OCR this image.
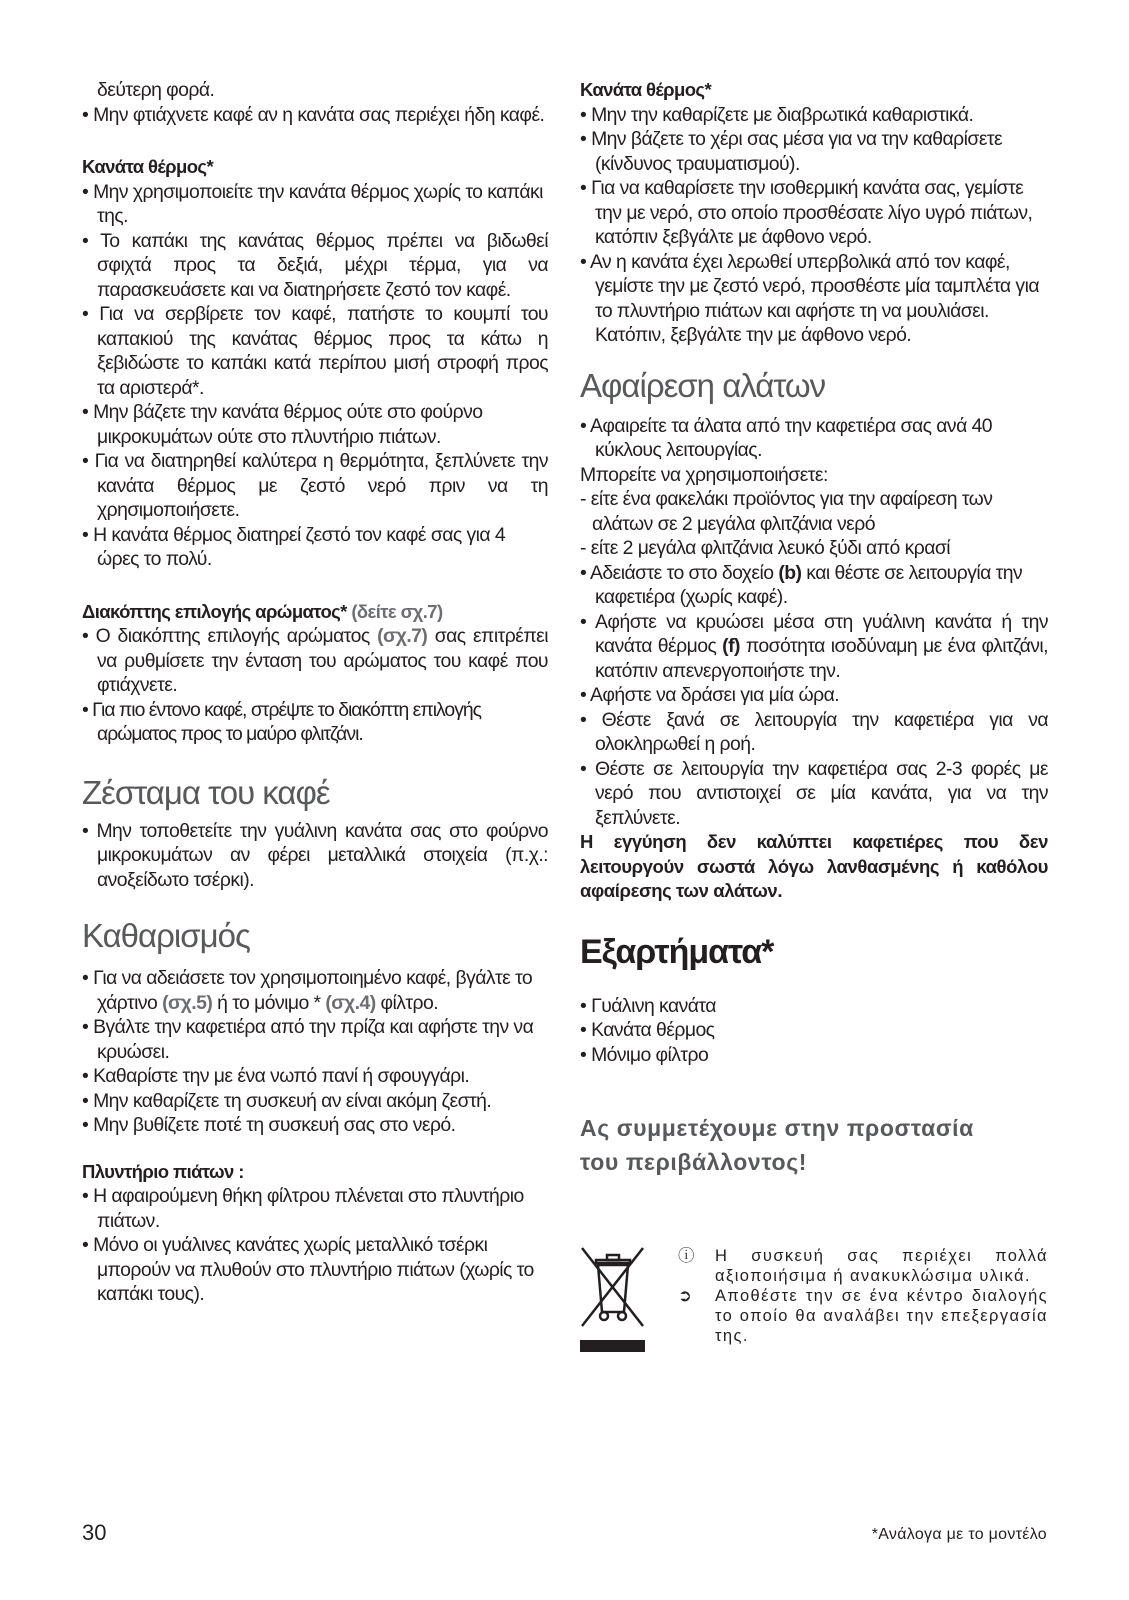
δεύτερη φορά.

• Μην φτιάχνετε καφέ αν η κανάτα σας περιέχει ήδη καφέ.

Κανάτα θέρμος*

• Μην χρησιμοποιείτε την κανάτα θέρμος χωρίς το καπάκι της.

• Το καπάκι της κανάτας θέρμος πρέπει να βιδωθεί σφιχτά προς τα δεξιά, μέχρι τέρμα, για να παρασκευάσετε και να διατηρήσετε ζεστό τον καφέ.

• Για να σερβίρετε τον καφέ, πατήστε το κουμπί του καπακιού της κανάτας θέρμος προς τα κάτω η ξεβιδώστε το καπάκι κατά περίπου μισή στροφή προς τα αριστερά*.

• Μην βάζετε την κανάτα θέρμος ούτε στο φούρνο μικροκυμάτων ούτε στο πλυντήριο πιάτων.

• Για να διατηρηθεί καλύτερα η θερμότητα, ξεπλύνετε την κανάτα θέρμος με ζεστό νερό πριν να τη χρησιμοποιήσετε.

• Η κανάτα θέρμος διατηρεί ζεστό τον καφέ σας για 4 ώρες το πολύ.

Διακόπτης επιλογής αρώματος* (δείτε σχ.7)

• Ο διακόπτης επιλογής αρώματος (σχ.7) σας επιτρέπει να ρυθμίσετε την ένταση του αρώματος του καφέ που φτιάχνετε.

• Για πιο έντονο καφέ, στρέψτε το διακόπτη επιλογής αρώματος προς το μαύρο φλιτζάνι.

Ζέσταμα του καφέ

• Μην τοποθετείτε την γυάλινη κανάτα σας στο φούρνο μικροκυμάτων αν φέρει μεταλλικά στοιχεία (π.χ.: ανοξείδωτο τσέρκι).

Καθαρισμός

• Για να αδειάσετε τον χρησιμοποιημένο καφέ, βγάλτε το χάρτινο (σχ.5) ή το μόνιμο * (σχ.4) φίλτρο.

• Βγάλτε την καφετιέρα από την πρίζα και αφήστε την να κρυώσει.

• Καθαρίστε την με ένα νωπό πανί ή σφουγγάρι.

• Μην καθαρίζετε τη συσκευή αν είναι ακόμη ζεστή.

• Μην βυθίζετε ποτέ τη συσκευή σας στο νερό.

Πλυντήριο πιάτων :

• Η αφαιρούμενη θήκη φίλτρου πλένεται στο πλυντήριο πιάτων.

• Μόνο οι γυάλινες κανάτες χωρίς μεταλλικό τσέρκι μπορούν να πλυθούν στο πλυντήριο πιάτων (χωρίς το καπάκι τους).

Κανάτα θέρμος*

• Μην την καθαρίζετε με διαβρωτικά καθαριστικά.

• Μην βάζετε το χέρι σας μέσα για να την καθαρίσετε (κίνδυνος τραυματισμού).

• Για να καθαρίσετε την ισοθερμική κανάτα σας, γεμίστε την με νερό, στο οποίο προσθέσατε λίγο υγρό πιάτων, κατόπιν ξεβγάλτε με άφθονο νερό.

• Αν η κανάτα έχει λερωθεί υπερβολικά από τον καφέ, γεμίστε την με ζεστό νερό, προσθέστε μία ταμπλέτα για το πλυντήριο πιάτων και αφήστε τη να μουλιάσει. Κατόπιν, ξεβγάλτε την με άφθονο νερό.

Αφαίρεση αλάτων

• Αφαιρείτε τα άλατα από την καφετιέρα σας ανά 40 κύκλους λειτουργίας.

Μπορείτε να χρησιμοποιήσετε:

- είτε ένα φακελάκι προϊόντος για την αφαίρεση των αλάτων σε 2 μεγάλα φλιτζάνια νερό

- είτε 2 μεγάλα φλιτζάνια λευκό ξύδι από κρασί

• Αδειάστε το στο δοχείο (b) και θέστε σε λειτουργία την καφετιέρα (χωρίς καφέ).

• Αφήστε να κρυώσει μέσα στη γυάλινη κανάτα ή την κανάτα θέρμος (f) ποσότητα ισοδύναμη με ένα φλιτζάνι, κατόπιν απενεργοποιήστε την.

• Αφήστε να δράσει για μία ώρα.

• Θέστε ξανά σε λειτουργία την καφετιέρα για να ολοκληρωθεί η ροή.

• Θέστε σε λειτουργία την καφετιέρα σας 2-3 φορές με νερό που αντιστοιχεί σε μία κανάτα, για να την ξεπλύνετε.

Η εγγύηση δεν καλύπτει καφετιέρες που δεν λειτουργούν σωστά λόγω λανθασμένης ή καθόλου αφαίρεσης των αλάτων.

Εξαρτήματα*

• Γυάλινη κανάτα

• Κανάτα θέρμος

• Μόνιμο φίλτρο

Ας συμμετέχουμε στην προστασία

του περιβάλλοντος!

ⓘ Η συσκευή σας περιέχει πολλά αξιοποιήσιμα ή ανακυκλώσιμα υλικά.
➲ Αποθέστε την σε ένα κέντρο διαλογής το οποίο θα αναλάβει την επεξεργασία της.
30	*Ανάλογα με το μοντέλο
